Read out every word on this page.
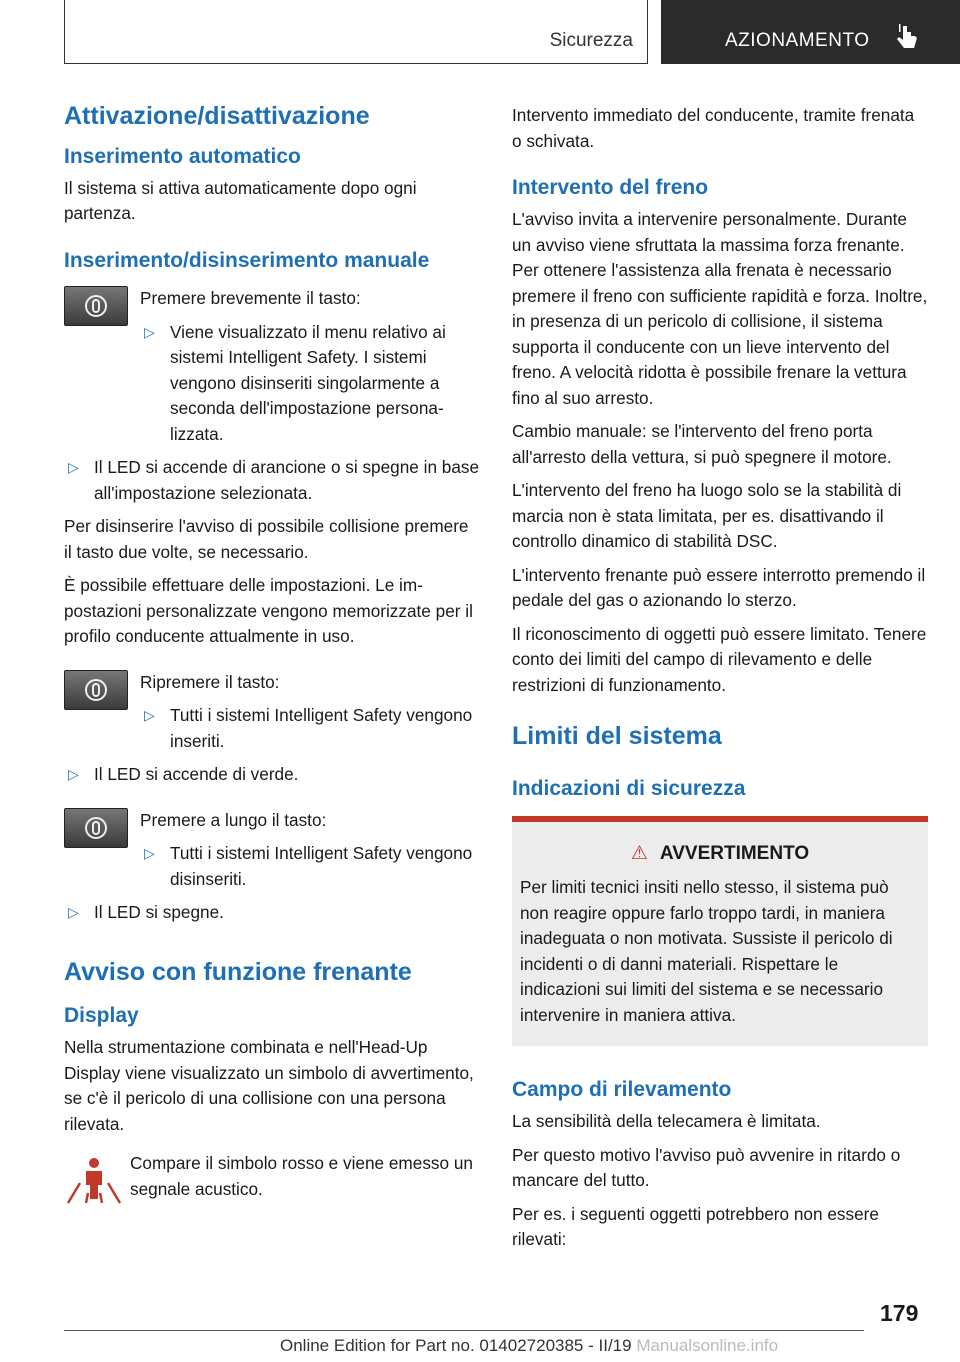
Sicurezza	AZIONAMENTO
Attivazione/disattivazione
Inserimento automatico

Il sistema si attiva automaticamente dopo ogni partenza.

Inserimento/disinserimento manuale

Premere brevemente il tasto:

▷ Viene visualizzato il menu relativo ai sistemi Intelligent Safety. I sistemi vengono disinseriti singolarmente a seconda dell'impostazione personalizzata.
▷ Il LED si accende di arancione o si spegne in base all'impostazione selezionata.

Per disinserire l'avviso di possibile collisione premere il tasto due volte, se necessario.

È possibile effettuare delle impostazioni. Le impostazioni personalizzate vengono memorizzate per il profilo conducente attualmente in uso.

Ripremere il tasto:

▷ Tutti i sistemi Intelligent Safety vengono inseriti.
▷ Il LED si accende di verde.

Premere a lungo il tasto:

▷ Tutti i sistemi Intelligent Safety vengono disinseriti.
▷ Il LED si spegne.
Avviso con funzione frenante
Display

Nella strumentazione combinata e nell'Head-Up Display viene visualizzato un simbolo di avvertimento, se c'è il pericolo di una collisione con una persona rilevata.

Compare il simbolo rosso e viene emesso un segnale acustico.

Intervento immediato del conducente, tramite frenata o schivata.

Intervento del freno

L'avviso invita a intervenire personalmente. Durante un avviso viene sfruttata la massima forza frenante. Per ottenere l'assistenza alla frenata è necessario premere il freno con sufficiente rapidità e forza. Inoltre, in presenza di un pericolo di collisione, il sistema supporta il conducente con un lieve intervento del freno. A velocità ridotta è possibile frenare la vettura fino al suo arresto.

Cambio manuale: se l'intervento del freno porta all'arresto della vettura, si può spegnere il motore.

L'intervento del freno ha luogo solo se la stabilità di marcia non è stata limitata, per es. disattivando il controllo dinamico di stabilità DSC.

L'intervento frenante può essere interrotto premendo il pedale del gas o azionando lo sterzo.

Il riconoscimento di oggetti può essere limitato. Tenere conto dei limiti del campo di rilevamento e delle restrizioni di funzionamento.

Limiti del sistema
Indicazioni di sicurezza
⚠ AVVERTIMENTO

Per limiti tecnici insiti nello stesso, il sistema può non reagire oppure farlo troppo tardi, in maniera inadeguata o non motivata. Sussiste il pericolo di incidenti o di danni materiali. Rispettare le indicazioni sui limiti del sistema e se necessario intervenire in maniera attiva.

Campo di rilevamento

La sensibilità della telecamera è limitata.

Per questo motivo l'avviso può avvenire in ritardo o mancare del tutto.

Per es. i seguenti oggetti potrebbero non essere rilevati:

179
Online Edition for Part no. 01402720385 - II/19 Manualsonline.info
